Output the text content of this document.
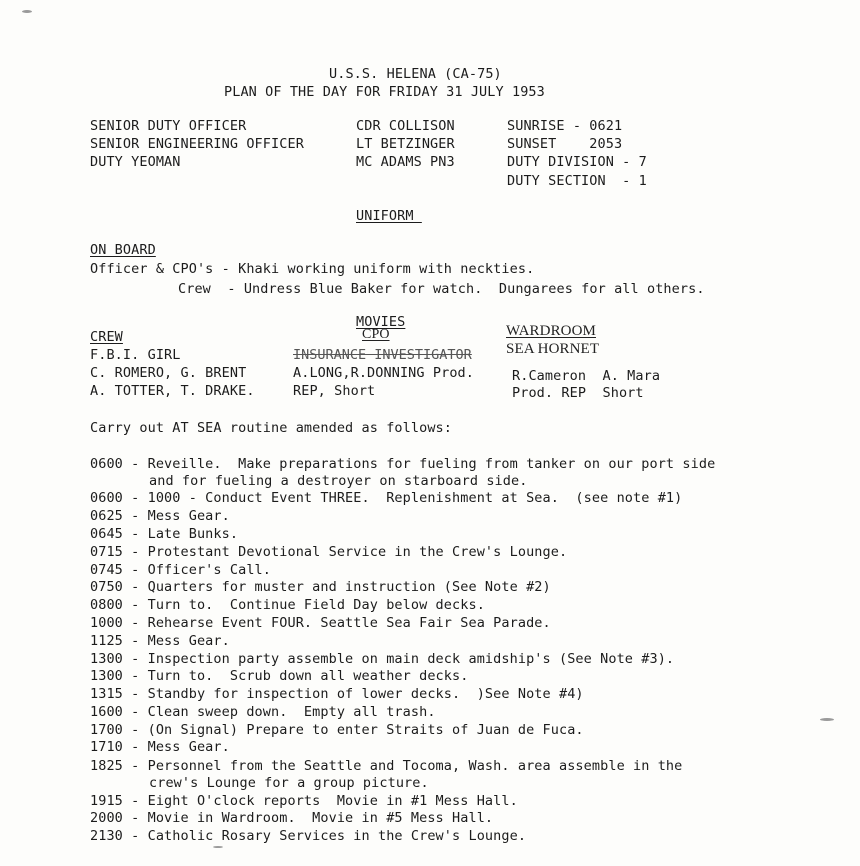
U.S.S. HELENA (CA-75)
PLAN OF THE DAY FOR FRIDAY 31 JULY 1953
SENIOR DUTY OFFICER
SENIOR ENGINEERING OFFICER
DUTY YEOMAN
CDR COLLISON
LT BETZINGER
MC ADAMS PN3
SUNRISE - 0621
SUNSET    2053
DUTY DIVISION - 7
DUTY SECTION  - 1
UNIFORM
ON BOARD
Officer & CPO's - Khaki working uniform with neckties.
Crew  - Undress Blue Baker for watch.  Dungarees for all others.
MOVIES
CPO	WARDROOM
SEA HORNET
CREW
F.B.I. GIRL
C. ROMERO, G. BRENT
A. TOTTER, T. DRAKE.
INSURANCE INVESTIGATOR
A.LONG,R.DONNING Prod.
REP, Short
R.Cameron  A. Mara
Prod. REP  Short
Carry out AT SEA routine amended as follows:
0600 - Reveille.  Make preparations for fueling from tanker on our port side
and for fueling a destroyer on starboard side.
0600 - 1000 - Conduct Event THREE.  Replenishment at Sea.  (see note #1)
0625 - Mess Gear.
0645 - Late Bunks.
0715 - Protestant Devotional Service in the Crew's Lounge.
0745 - Officer's Call.
0750 - Quarters for muster and instruction (See Note #2)
0800 - Turn to.  Continue Field Day below decks.
1000 - Rehearse Event FOUR. Seattle Sea Fair Sea Parade.
1125 - Mess Gear.
1300 - Inspection party assemble on main deck amidship's (See Note #3).
1300 - Turn to.  Scrub down all weather decks.
1315 - Standby for inspection of lower decks.  )See Note #4)
1600 - Clean sweep down.  Empty all trash.
1700 - (On Signal) Prepare to enter Straits of Juan de Fuca.
1710 - Mess Gear.
1825 - Personnel from the Seattle and Tocoma, Wash. area assemble in the
crew's Lounge for a group picture.
1915 - Eight O'clock reports  Movie in #1 Mess Hall.
2000 - Movie in Wardroom.  Movie in #5 Mess Hall.
2130 - Catholic Rosary Services in the Crew's Lounge.
